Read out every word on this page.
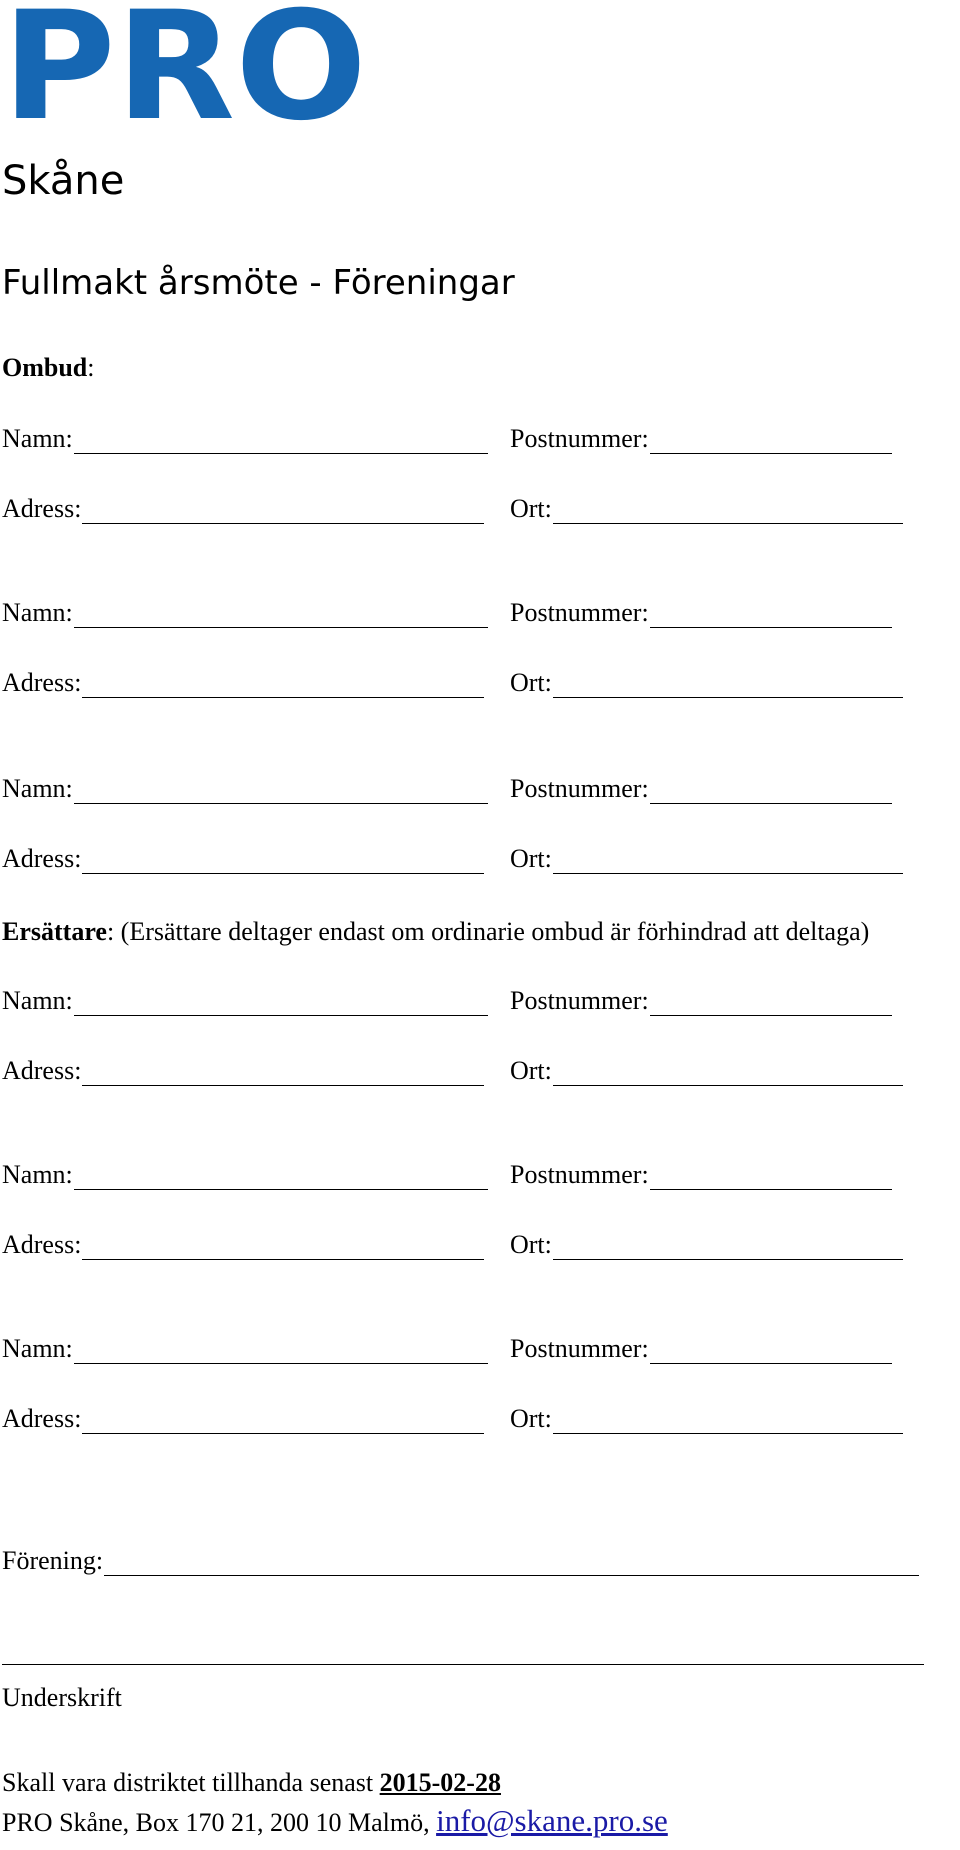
PRO
Skåne
Fullmakt årsmöte - Föreningar
Ombud:
Namn:	Postnummer:
Adress:	Ort:
Namn:	Postnummer:
Adress:	Ort:
Namn:	Postnummer:
Adress:	Ort:
Ersättare: (Ersättare deltager endast om ordinarie ombud är förhindrad att deltaga)
Namn:	Postnummer:
Adress:	Ort:
Namn:	Postnummer:
Adress:	Ort:
Namn:	Postnummer:
Adress:	Ort:
Förening:
Underskrift
Skall vara distriktet tillhanda senast 2015-02-28
PRO Skåne, Box 170 21, 200 10 Malmö, info@skane.pro.se
